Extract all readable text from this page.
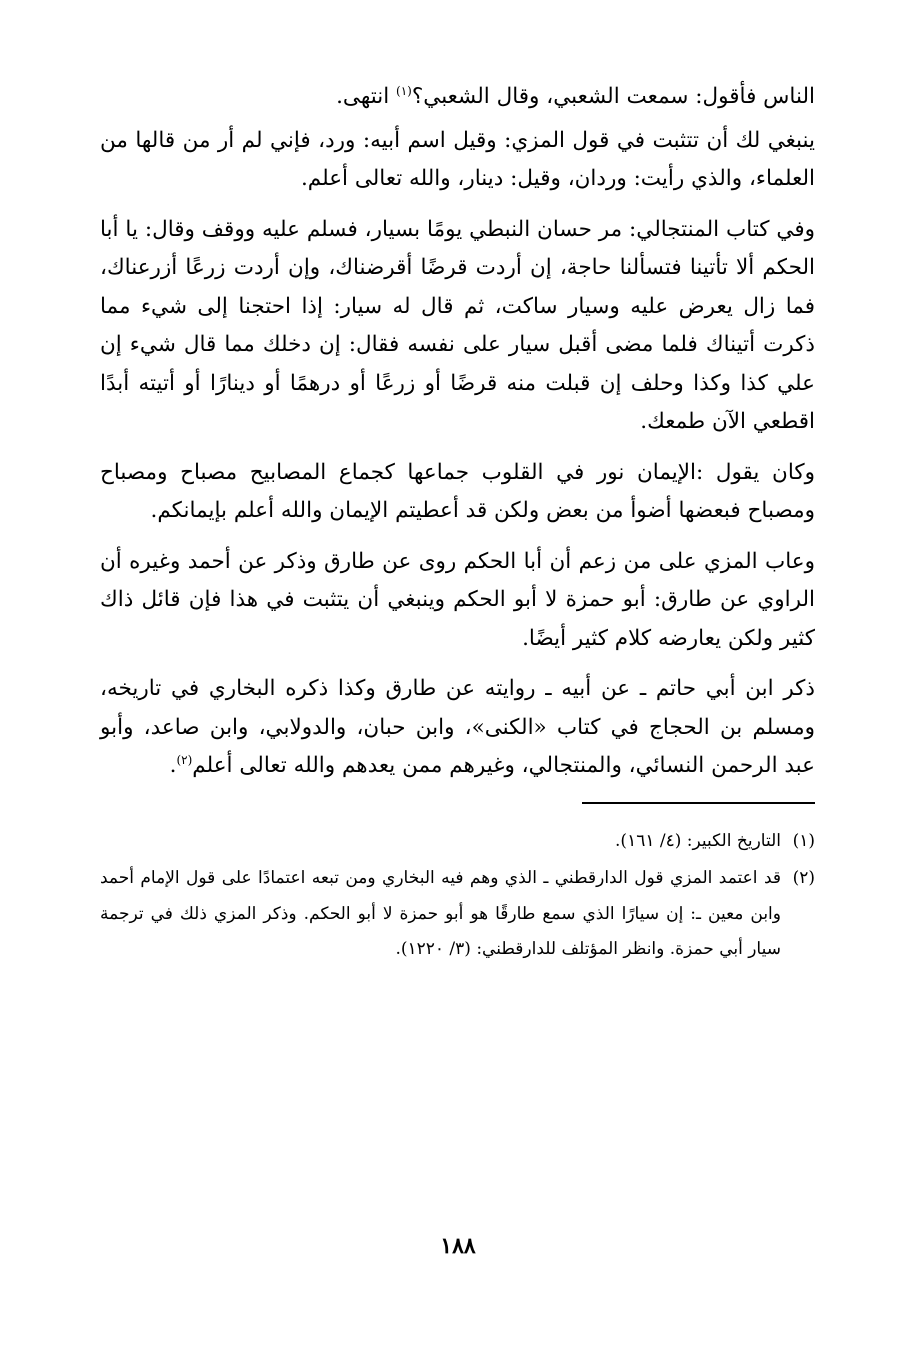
الناس فأقول: سمعت الشعبي، وقال الشعبي؟$^{(١)}$ انتهى.

ينبغي لك أن تتثبت في قول المزي: وقيل اسم أبيه: ورد، فإني لم أر من قالها من العلماء، والذي رأيت: وردان، وقيل: دينار، والله تعالى أعلم.

وفي كتاب المنتجالي: مر حسان النبطي يومًا بسيار، فسلم عليه ووقف وقال: يا أبا الحكم ألا تأتينا فتسألنا حاجة، إن أردت قرضًا أقرضناك، وإن أردت زرعًا أزرعناك، فما زال يعرض عليه وسيار ساكت، ثم قال له سيار: إذا احتجنا إلى شيء مما ذكرت أتيناك فلما مضى أقبل سيار على نفسه فقال: إن دخلك مما قال شيء إن علي كذا وكذا وحلف إن قبلت منه قرضًا أو زرعًا أو درهمًا أو دينارًا أو أتيته أبدًا اقطعي الآن طمعك.

وكان يقول :الإيمان نور في القلوب جماعها كجماع المصابيح مصباح ومصباح ومصباح فبعضها أضوأ من بعض ولكن قد أعطيتم الإيمان والله أعلم بإيمانكم.

وعاب المزي على من زعم أن أبا الحكم روى عن طارق وذكر عن أحمد وغيره أن الراوي عن طارق: أبو حمزة لا أبو الحكم وينبغي أن يتثبت في هذا فإن قائل ذاك كثير ولكن يعارضه كلام كثير أيضًا.

ذكر ابن أبي حاتم ـ عن أبيه ـ روايته عن طارق وكذا ذكره البخاري في تاريخه، ومسلم بن الحجاج في كتاب «الكنى»، وابن حبان، والدولابي، وابن صاعد، وأبو عبد الرحمن النسائي، والمنتجالي، وغيرهم ممن يعدهم والله تعالى أعلم$^{(٢)}$.

(١)
التاريخ الكبير: (٤/ ١٦١).
(٢)
قد اعتمد المزي قول الدارقطني ـ الذي وهم فيه البخاري ومن تبعه اعتمادًا على قول الإمام أحمد وابن معين ـ: إن سيارًا الذي سمع طارقًا هو أبو حمزة لا أبو الحكم. وذكر المزي ذلك في ترجمة سيار أبي حمزة. وانظر المؤتلف للدارقطني: (٣/ ١٢٢٠).
١٨٨
